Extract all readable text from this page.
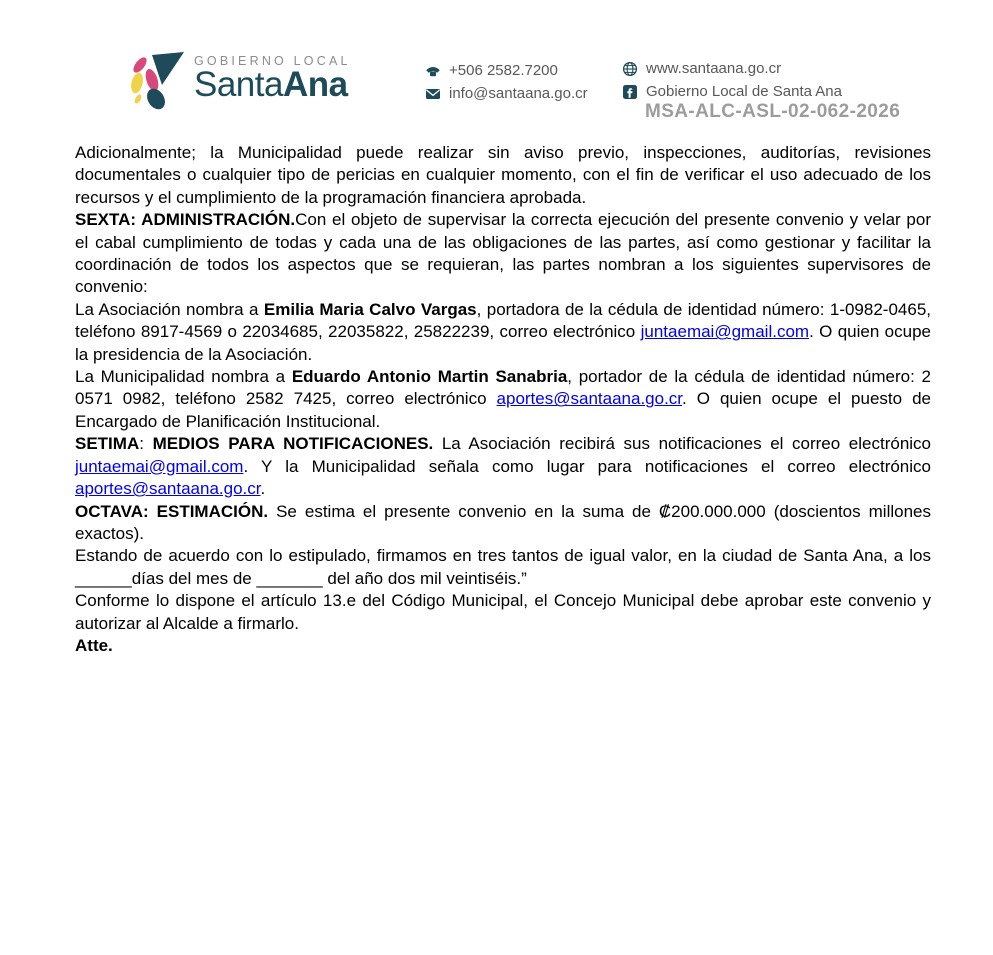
GOBIERNO LOCAL
SantaAna	+506 2582.7200
info@santaana.go.cr
www.santaana.go.cr
Gobierno Local de Santa Ana
MSA-ALC-ASL-02-062-2026

Adicionalmente; la Municipalidad puede realizar sin aviso previo, inspecciones, auditorías, revisiones documentales o cualquier tipo de pericias en cualquier momento, con el fin de verificar el uso adecuado de los recursos y el cumplimiento de la programación financiera aprobada.

SEXTA: ADMINISTRACIÓN.Con el objeto de supervisar la correcta ejecución del presente convenio y velar por el cabal cumplimiento de todas y cada una de las obligaciones de las partes, así como gestionar y facilitar la coordinación de todos los aspectos que se requieran, las partes nombran a los siguientes supervisores de convenio:

La Asociación nombra a Emilia Maria Calvo Vargas, portadora de la cédula de identidad número: 1-0982-0465, teléfono 8917-4569 o 22034685, 22035822, 25822239, correo electrónico juntaemai@gmail.com. O quien ocupe la presidencia de la Asociación.

La Municipalidad nombra a Eduardo Antonio Martin Sanabria, portador de la cédula de identidad número: 2 0571 0982, teléfono 2582 7425, correo electrónico aportes@santaana.go.cr. O quien ocupe el puesto de Encargado de Planificación Institucional.

SETIMA: MEDIOS PARA NOTIFICACIONES. La Asociación recibirá sus notificaciones el correo electrónico juntaemai@gmail.com. Y la Municipalidad señala como lugar para notificaciones el correo electrónico aportes@santaana.go.cr.

OCTAVA: ESTIMACIÓN. Se estima el presente convenio en la suma de ₡200.000.000 (doscientos millones exactos).

Estando de acuerdo con lo estipulado, firmamos en tres tantos de igual valor, en la ciudad de Santa Ana, a los ______días del mes de _______ del año dos mil veintiséis.”

Conforme lo dispone el artículo 13.e del Código Municipal, el Concejo Municipal debe aprobar este convenio y autorizar al Alcalde a firmarlo.

Atte.
